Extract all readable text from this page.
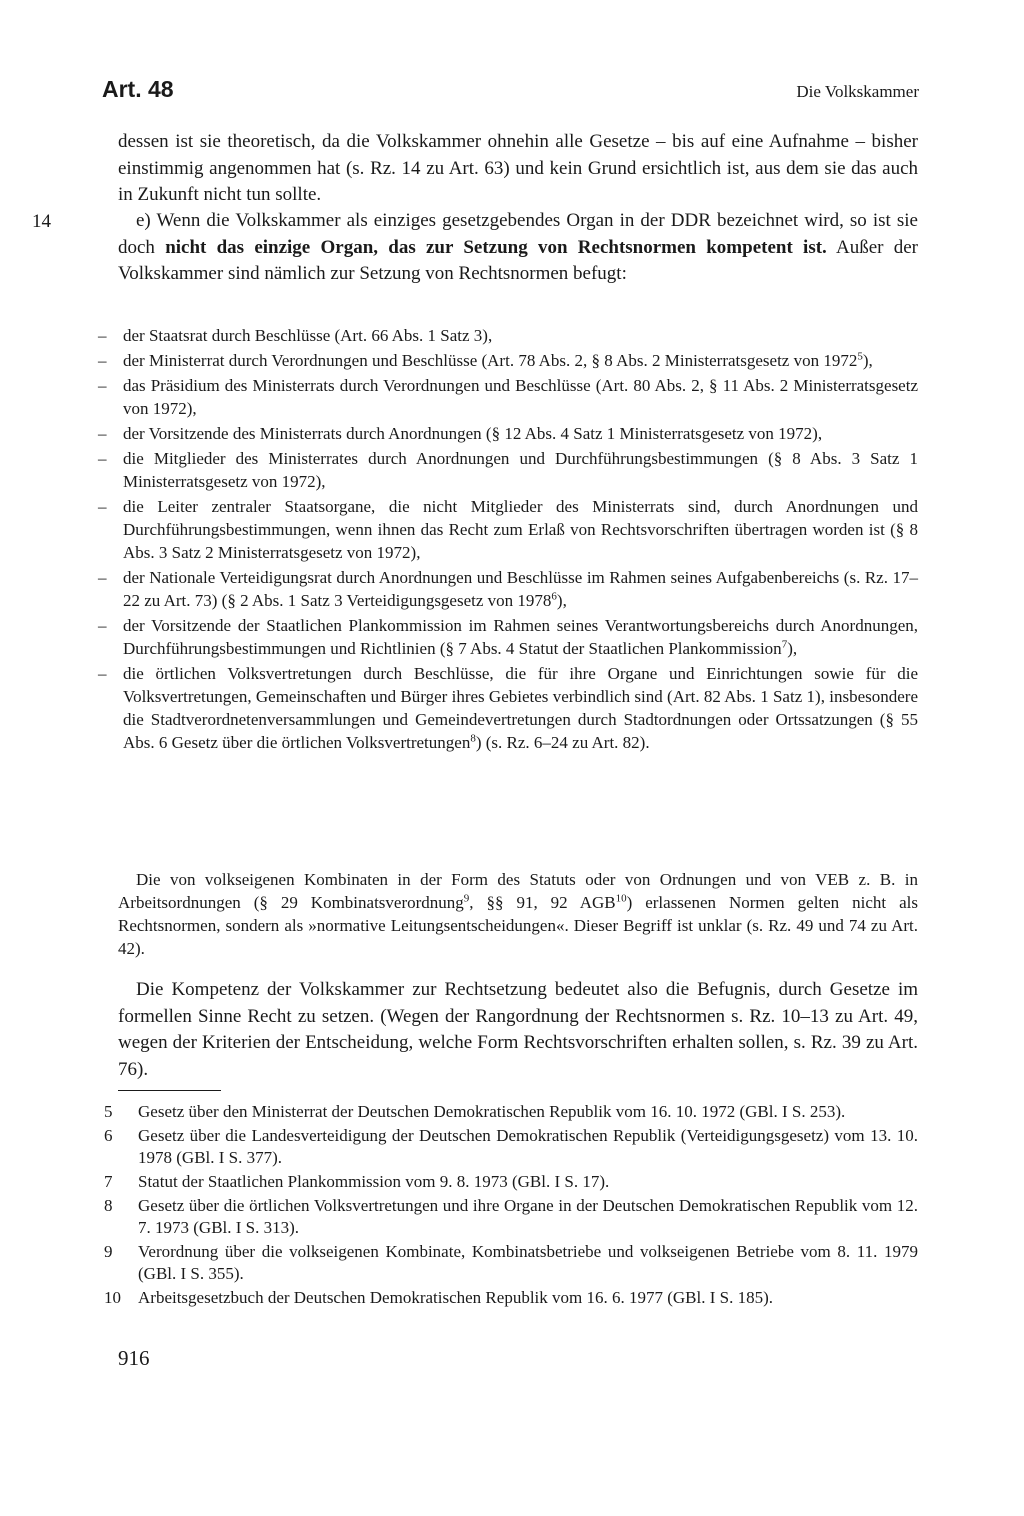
Art. 48	Die Volkskammer

dessen ist sie theoretisch, da die Volkskammer ohnehin alle Gesetze – bis auf eine Aufnahme – bisher einstimmig angenommen hat (s. Rz. 14 zu Art. 63) und kein Grund ersichtlich ist, aus dem sie das auch in Zukunft nicht tun sollte.

14	e) Wenn die Volkskammer als einziges gesetzgebendes Organ in der DDR bezeichnet wird, so ist sie doch nicht das einzige Organ, das zur Setzung von Rechtsnormen kompetent ist. Außer der Volkskammer sind nämlich zur Setzung von Rechtsnormen befugt:

– der Staatsrat durch Beschlüsse (Art. 66 Abs. 1 Satz 3),
– der Ministerrat durch Verordnungen und Beschlüsse (Art. 78 Abs. 2, § 8 Abs. 2 Ministerratsgesetz von 1972$^5$),
– das Präsidium des Ministerrats durch Verordnungen und Beschlüsse (Art. 80 Abs. 2, § 11 Abs. 2 Ministerratsgesetz von 1972),
– der Vorsitzende des Ministerrats durch Anordnungen (§ 12 Abs. 4 Satz 1 Ministerratsgesetz von 1972),
– die Mitglieder des Ministerrates durch Anordnungen und Durchführungsbestimmungen (§ 8 Abs. 3 Satz 1 Ministerratsgesetz von 1972),
– die Leiter zentraler Staatsorgane, die nicht Mitglieder des Ministerrats sind, durch Anordnungen und Durchführungsbestimmungen, wenn ihnen das Recht zum Erlaß von Rechtsvorschriften übertragen worden ist (§ 8 Abs. 3 Satz 2 Ministerratsgesetz von 1972),
– der Nationale Verteidigungsrat durch Anordnungen und Beschlüsse im Rahmen seines Aufgabenbereichs (s. Rz. 17–22 zu Art. 73) (§ 2 Abs. 1 Satz 3 Verteidigungsgesetz von 1978$^6$),
– der Vorsitzende der Staatlichen Plankommission im Rahmen seines Verantwortungsbereichs durch Anordnungen, Durchführungsbestimmungen und Richtlinien (§ 7 Abs. 4 Statut der Staatlichen Plankommission$^7$),
– die örtlichen Volksvertretungen durch Beschlüsse, die für ihre Organe und Einrichtungen sowie für die Volksvertretungen, Gemeinschaften und Bürger ihres Gebietes verbindlich sind (Art. 82 Abs. 1 Satz 1), insbesondere die Stadtverordnetenversammlungen und Gemeindevertretungen durch Stadtordnungen oder Ortssatzungen (§ 55 Abs. 6 Gesetz über die örtlichen Volksvertretungen$^8$) (s. Rz. 6–24 zu Art. 82).

Die von volkseigenen Kombinaten in der Form des Statuts oder von Ordnungen und von VEB z. B. in Arbeitsordnungen (§ 29 Kombinatsverordnung$^9$, §§ 91, 92 AGB$^{10}$) erlassenen Normen gelten nicht als Rechtsnormen, sondern als »normative Leitungsentscheidungen«. Dieser Begriff ist unklar (s. Rz. 49 und 74 zu Art. 42).

Die Kompetenz der Volkskammer zur Rechtsetzung bedeutet also die Befugnis, durch Gesetze im formellen Sinne Recht zu setzen. (Wegen der Rangordnung der Rechtsnormen s. Rz. 10–13 zu Art. 49, wegen der Kriterien der Entscheidung, welche Form Rechtsvorschriften erhalten sollen, s. Rz. 39 zu Art. 76).

5	Gesetz über den Ministerrat der Deutschen Demokratischen Republik vom 16. 10. 1972 (GBl. I S. 253).
6	Gesetz über die Landesverteidigung der Deutschen Demokratischen Republik (Verteidigungsgesetz) vom 13. 10. 1978 (GBl. I S. 377).
7	Statut der Staatlichen Plankommission vom 9. 8. 1973 (GBl. I S. 17).
8	Gesetz über die örtlichen Volksvertretungen und ihre Organe in der Deutschen Demokratischen Republik vom 12. 7. 1973 (GBl. I S. 313).
9	Verordnung über die volkseigenen Kombinate, Kombinatsbetriebe und volkseigenen Betriebe vom 8. 11. 1979 (GBl. I S. 355).
10	Arbeitsgesetzbuch der Deutschen Demokratischen Republik vom 16. 6. 1977 (GBl. I S. 185).
916
